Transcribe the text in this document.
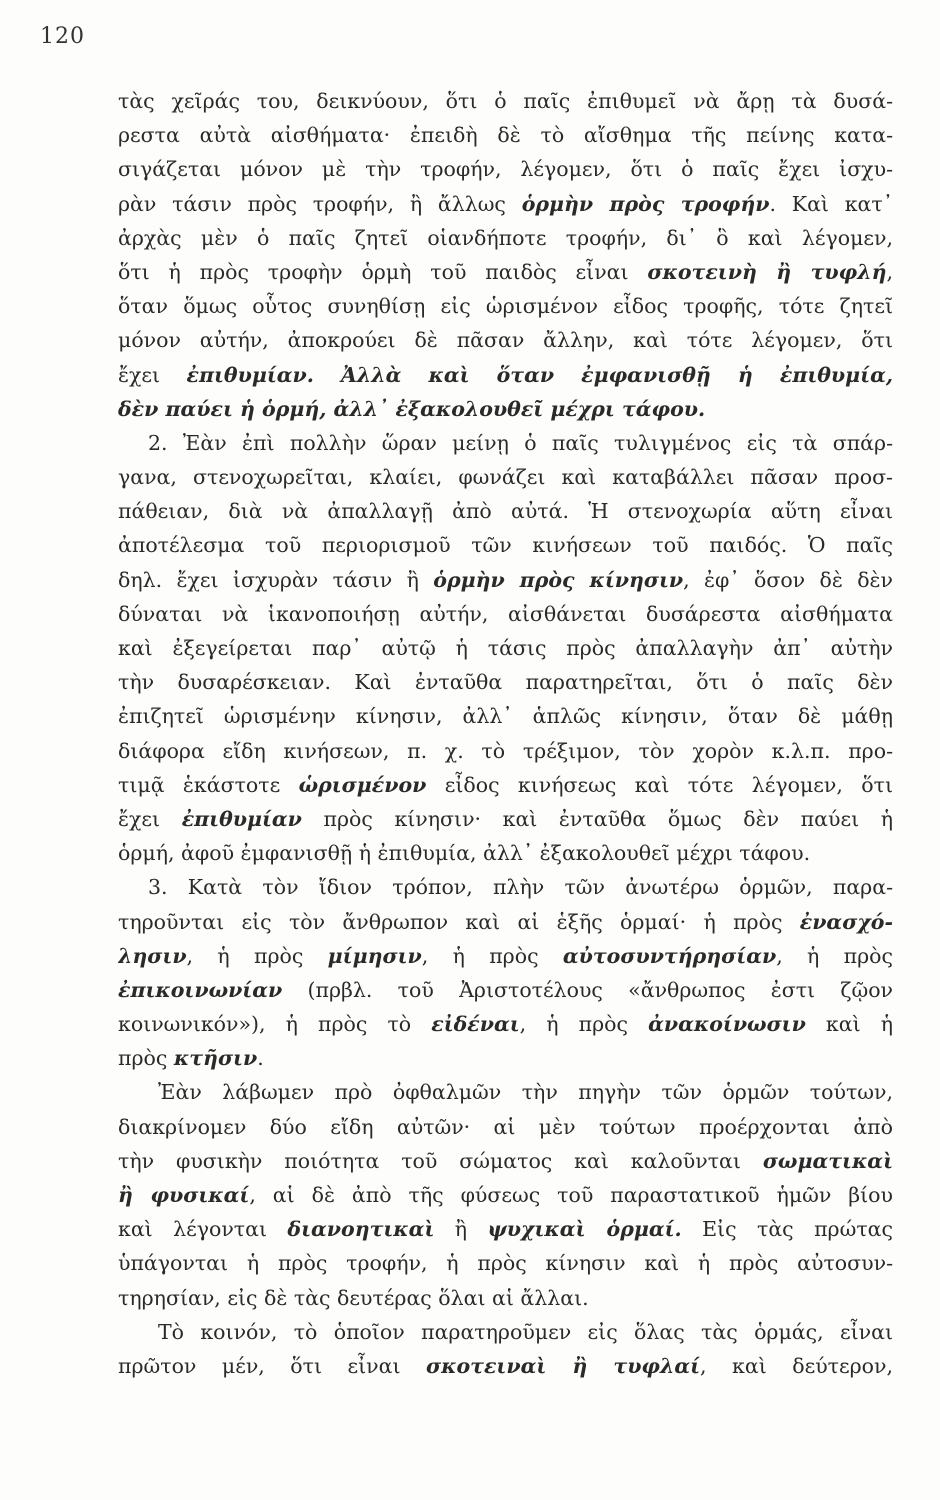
120
τὰς χεῖράς του, δεικνύουν, ὅτι ὁ παῖς ἐπιθυμεῖ νὰ ἄρῃ τὰ δυσά-
ρεστα αὐτὰ αἰσθήματα· ἐπειδὴ δὲ τὸ αἴσθημα τῆς πείνης κατα-
σιγάζεται μόνον μὲ τὴν τροφήν, λέγομεν, ὅτι ὁ παῖς ἔχει ἰσχυ-
ρὰν τάσιν πρὸς τροφήν, ἢ ἄλλως ὁρμὴν πρὸς τροφήν. Καὶ κατ᾽
ἀρχὰς μὲν ὁ παῖς ζητεῖ οἱανδήποτε τροφήν, δι᾽ ὃ καὶ λέγομεν,
ὅτι ἡ πρὸς τροφὴν ὁρμὴ τοῦ παιδὸς εἶναι σκοτεινὴ ἢ τυφλή,
ὅταν ὅμως οὗτος συνηθίσῃ εἰς ὡρισμένον εἶδος τροφῆς, τότε ζητεῖ
μόνον αὐτήν, ἀποκρούει δὲ πᾶσαν ἄλλην, καὶ τότε λέγομεν, ὅτι
ἔχει ἐπιθυμίαν. Ἀλλὰ καὶ ὅταν ἐμφανισθῇ ἡ ἐπιθυμία,
δὲν παύει ἡ ὁρμή, ἀλλ᾽ ἐξακολουθεῖ μέχρι τάφου.
2. Ἐὰν ἐπὶ πολλὴν ὥραν μείνῃ ὁ παῖς τυλιγμένος εἰς τὰ σπάρ-
γανα, στενοχωρεῖται, κλαίει, φωνάζει καὶ καταβάλλει πᾶσαν προσ-
πάθειαν, διὰ νὰ ἀπαλλαγῇ ἀπὸ αὐτά. Ἡ στενοχωρία αὕτη εἶναι
ἀποτέλεσμα τοῦ περιορισμοῦ τῶν κινήσεων τοῦ παιδός. Ὁ παῖς
δηλ. ἔχει ἰσχυρὰν τάσιν ἢ ὁρμὴν πρὸς κίνησιν, ἐφ᾽ ὅσον δὲ δὲν
δύναται νὰ ἱκανοποιήσῃ αὐτήν, αἰσθάνεται δυσάρεστα αἰσθήματα
καὶ ἐξεγείρεται παρ᾽ αὐτῷ ἡ τάσις πρὸς ἀπαλλαγὴν ἀπ᾽ αὐτὴν
τὴν δυσαρέσκειαν. Καὶ ἐνταῦθα παρατηρεῖται, ὅτι ὁ παῖς δὲν
ἐπιζητεῖ ὡρισμένην κίνησιν, ἀλλ᾽ ἁπλῶς κίνησιν, ὅταν δὲ μάθῃ
διάφορα εἴδη κινήσεων, π. χ. τὸ τρέξιμον, τὸν χορὸν κ.λ.π. προ-
τιμᾷ ἑκάστοτε ὡρισμένον εἶδος κινήσεως καὶ τότε λέγομεν, ὅτι
ἔχει ἐπιθυμίαν πρὸς κίνησιν· καὶ ἐνταῦθα ὅμως δὲν παύει ἡ
ὁρμή, ἀφοῦ ἐμφανισθῇ ἡ ἐπιθυμία, ἀλλ᾽ ἐξακολουθεῖ μέχρι τάφου.
3. Κατὰ τὸν ἴδιον τρόπον, πλὴν τῶν ἀνωτέρω ὁρμῶν, παρα-
τηροῦνται εἰς τὸν ἄνθρωπον καὶ αἱ ἑξῆς ὁρμαί· ἡ πρὸς ἐνασχό-
λησιν, ἡ πρὸς μίμησιν, ἡ πρὸς αὐτοσυντήρησίαν, ἡ πρὸς
ἐπικοινωνίαν (πρβλ. τοῦ Ἀριστοτέλους «ἄνθρωπος ἐστι ζῷον
κοινωνικόν»), ἡ πρὸς τὸ εἰδέναι, ἡ πρὸς ἀνακοίνωσιν καὶ ἡ
πρὸς κτῆσιν.
Ἐὰν λάβωμεν πρὸ ὀφθαλμῶν τὴν πηγὴν τῶν ὁρμῶν τούτων,
διακρίνομεν δύο εἴδη αὐτῶν· αἱ μὲν τούτων προέρχονται ἀπὸ
τὴν φυσικὴν ποιότητα τοῦ σώματος καὶ καλοῦνται σωματικαὶ
ἢ φυσικαί, αἱ δὲ ἀπὸ τῆς φύσεως τοῦ παραστατικοῦ ἡμῶν βίου
καὶ λέγονται διανοητικαὶ ἢ ψυχικαὶ ὁρμαί. Εἰς τὰς πρώτας
ὑπάγονται ἡ πρὸς τροφήν, ἡ πρὸς κίνησιν καὶ ἡ πρὸς αὐτοσυν-
τηρησίαν, εἰς δὲ τὰς δευτέρας ὅλαι αἱ ἄλλαι.
Τὸ κοινόν, τὸ ὁποῖον παρατηροῦμεν εἰς ὅλας τὰς ὁρμάς, εἶναι
πρῶτον μέν, ὅτι εἶναι σκοτειναὶ ἢ τυφλαί, καὶ δεύτερον,
